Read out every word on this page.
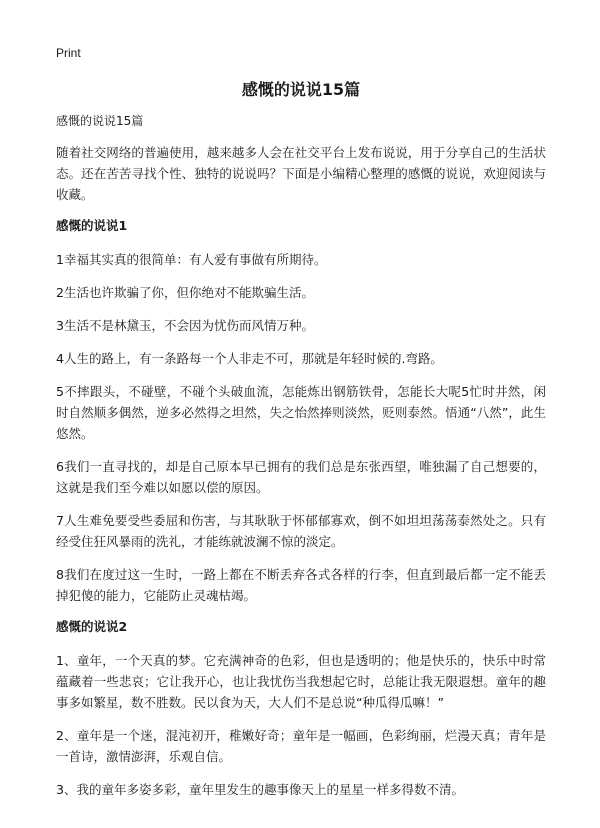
Print
感慨的说说15篇
感慨的说说15篇

随着社交网络的普遍使用，越来越多人会在社交平台上发布说说，用于分享自己的生活状态。还在苦苦寻找个性、独特的说说吗？下面是小编精心整理的感慨的说说，欢迎阅读与收藏。

感慨的说说1

1幸福其实真的很简单：有人爱有事做有所期待。

2生活也许欺骗了你，但你绝对不能欺骗生活。

3生活不是林黛玉，不会因为忧伤而风情万种。

4人生的路上，有一条路每一个人非走不可，那就是年轻时候的.弯路。

5不摔跟头，不碰壁，不碰个头破血流，怎能炼出钢筋铁骨，怎能长大呢5忙时井然，闲时自然顺多偶然，逆多必然得之坦然，失之怡然捧则淡然，贬则泰然。悟通“八然”，此生悠然。

6我们一直寻找的，却是自己原本早已拥有的我们总是东张西望，唯独漏了自己想要的，这就是我们至今难以如愿以偿的原因。

7人生难免要受些委屈和伤害，与其耿耿于怀郁郁寡欢，倒不如坦坦荡荡泰然处之。只有经受住狂风暴雨的洗礼，才能练就波澜不惊的淡定。

8我们在度过这一生时，一路上都在不断丢弃各式各样的行李，但直到最后都一定不能丢掉犯傻的能力，它能防止灵魂枯竭。

感慨的说说2

1、童年，一个天真的梦。它充满神奇的色彩，但也是透明的；他是快乐的，快乐中时常蕴藏着一些悲哀；它让我开心，也让我忧伤当我想起它时，总能让我无限遐想。童年的趣事多如繁星，数不胜数。民以食为天，大人们不是总说“种瓜得瓜嘛！”

2、童年是一个迷，混沌初开，稚嫩好奇；童年是一幅画，色彩绚丽，烂漫天真；青年是一首诗，激情澎湃，乐观自信。

3、我的童年多姿多彩，童年里发生的趣事像天上的星星一样多得数不清。
